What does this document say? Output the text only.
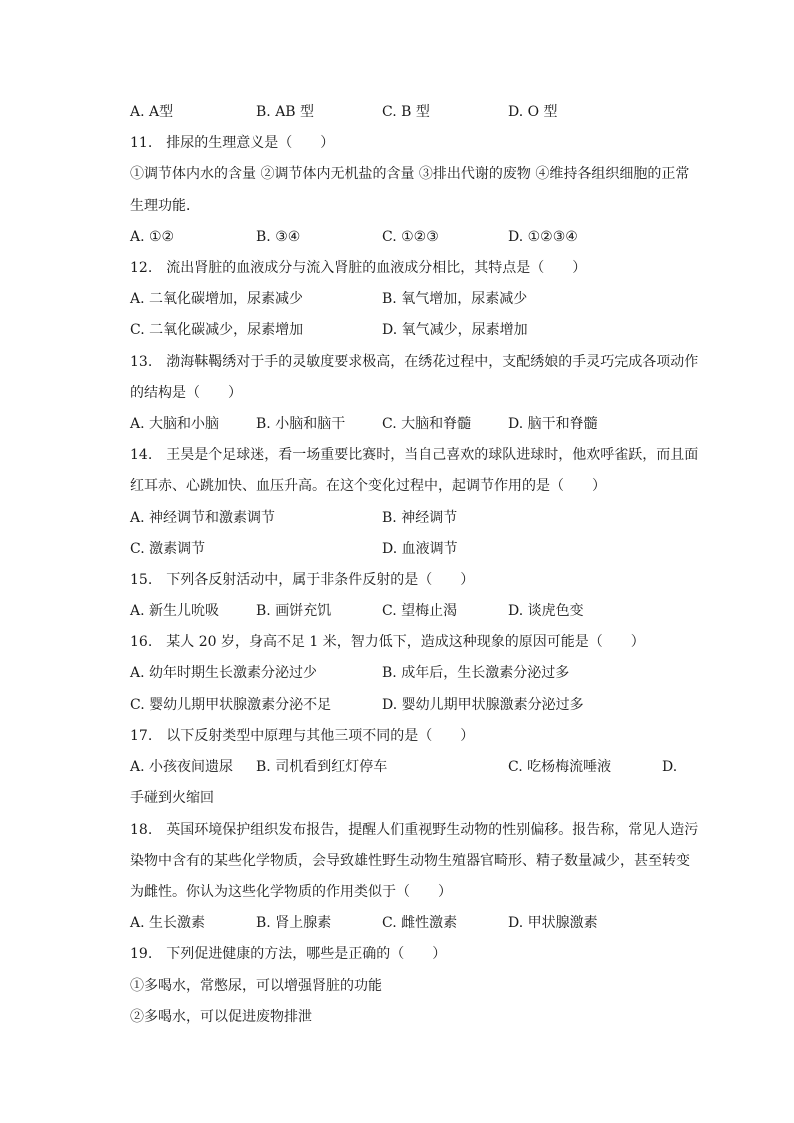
A. A型	B. AB 型	C. B 型	D. O 型
11.　排尿的生理意义是（　　）
①调节体内水的含量 ②调节体内无机盐的含量 ③排出代谢的废物 ④维持各组织细胞的正常
生理功能．
A. ①②	B. ③④	C. ①②③	D. ①②③④
12.　流出肾脏的血液成分与流入肾脏的血液成分相比，其特点是（　　）
A. 二氧化碳增加，尿素减少	B. 氧气增加，尿素减少
C. 二氧化碳减少，尿素增加	D. 氧气减少，尿素增加
13.　渤海靺鞨绣对于手的灵敏度要求极高，在绣花过程中，支配绣娘的手灵巧完成各项动作
的结构是（　　）
A. 大脑和小脑	B. 小脑和脑干	C. 大脑和脊髓	D. 脑干和脊髓
14.　王昊是个足球迷，看一场重要比赛时，当自己喜欢的球队进球时，他欢呼雀跃，而且面
红耳赤、心跳加快、血压升高。在这个变化过程中，起调节作用的是（　　）
A. 神经调节和激素调节	B. 神经调节
C. 激素调节	D. 血液调节
15.　下列各反射活动中，属于非条件反射的是（　　）
A. 新生儿吮吸	B. 画饼充饥	C. 望梅止渴	D. 谈虎色变
16.　某人 20 岁，身高不足 1 米，智力低下，造成这种现象的原因可能是（　　）
A. 幼年时期生长激素分泌过少	B. 成年后，生长激素分泌过多
C. 婴幼儿期甲状腺激素分泌不足	D. 婴幼儿期甲状腺激素分泌过多
17.　以下反射类型中原理与其他三项不同的是（　　）
A. 小孩夜间遗尿 B. 司机看到红灯停车	C. 吃杨梅流唾液	D.
手碰到火缩回
18.　英国环境保护组织发布报告，提醒人们重视野生动物的性别偏移。报告称，常见人造污
染物中含有的某些化学物质，会导致雄性野生动物生殖器官畸形、精子数量减少，甚至转变
为雌性。你认为这些化学物质的作用类似于（　　）
A. 生长激素	B. 肾上腺素	C. 雌性激素	D. 甲状腺激素
19.　下列促进健康的方法，哪些是正确的（　　）
①多喝水，常憋尿，可以增强肾脏的功能
②多喝水，可以促进废物排泄
